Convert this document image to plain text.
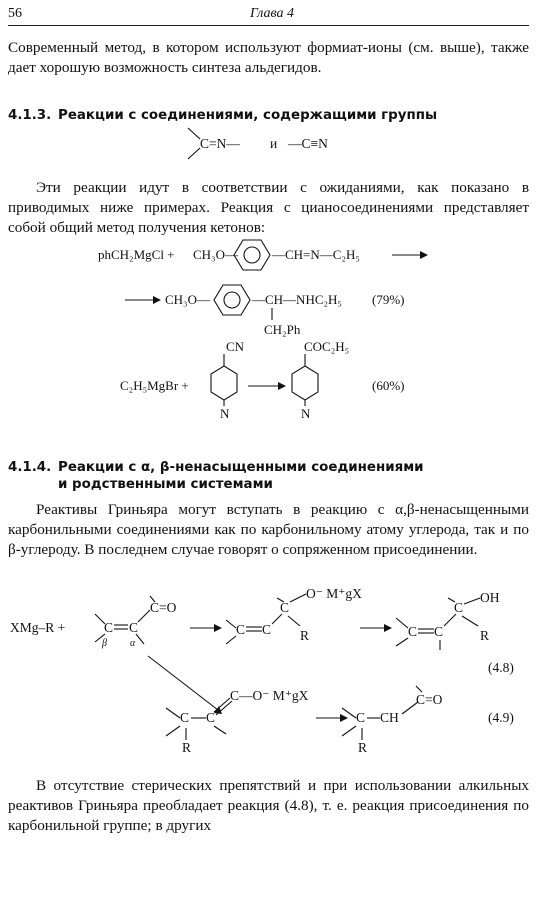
56	Глава 4

Современный метод, в котором используют формиат-ионы (см. выше), также дает хорошую возможность синтеза альдегидов.

4.1.3. Реакции с соединениями, содержащими группы
C=N— и —C≡N

Эти реакции идут в соответствии с ожиданиями, как показано в приводимых ниже примерах. Реакция с цианосоединениями представляет собой общий метод получения кетонов:

phCH₂MgCl + CH₃O—	—CH=N—C₂H₅
CH₃O—	—CH—NHC₂H₅
CH₂Ph
(79%)
CN
N
C₂H₅MgBr +
COC₂H₅
N
(60%)
4.1.4. Реакции с α, β-ненасыщенными соединениями
и родственными системами

Реактивы Гриньяра могут вступать в реакцию с α,β-ненасыщенными карбонильными соединениями как по карбонильному атому углерода, так и по β-углероду. В последнем случае говорят о сопряженном присоединении.

XMg–R +	C C
C=O
β α
C C
C
O⁻ M⁺gX
R	C C
C
OH
R
(4.8)
C
R
C
C—O⁻ M⁺gX
C
R
CH
C=O
(4.9)

В отсутствие стерических препятствий и при использовании алкильных реактивов Гриньяра преобладает реакция (4.8), т. е. реакция присоединения по карбонильной группе; в других
